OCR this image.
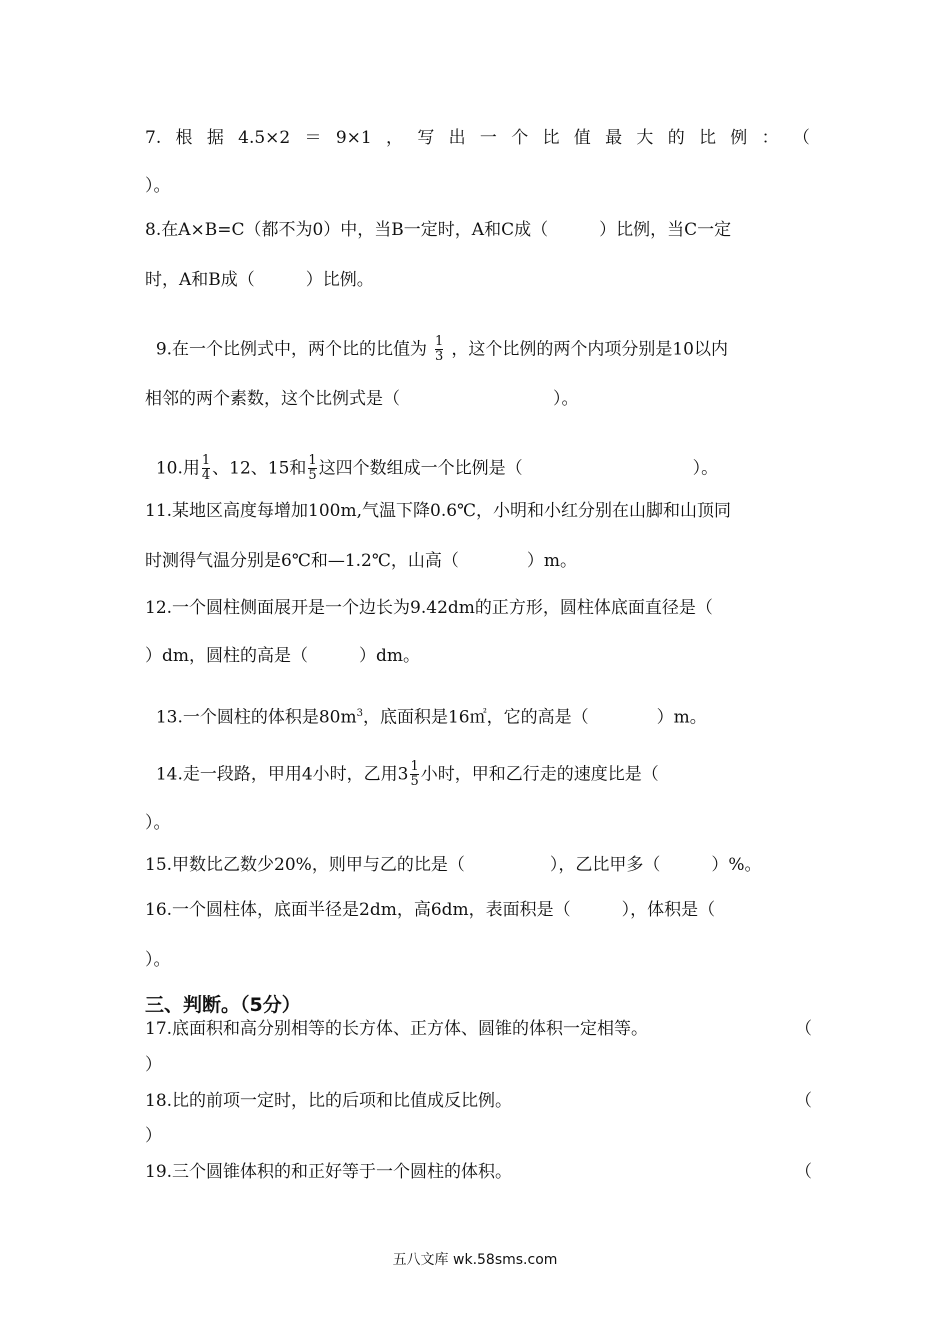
7. 根 据 4.5×2 ＝ 9×1 ， 写 出 一 个 比 值 最 大 的 比 例 ： （
）。
8.在A×B=C（都不为0）中，当B一定时，A和C成（　　　）比例，当C一定
时，A和B成（　　　）比例。

9.在一个比例式中，两个比的比值为 $\frac{1}{3}$ ，这个比例的两个内项分别是10以内

相邻的两个素数，这个比例式是（　　　　　　　　　）。

10.用 $\frac{1}{4}$ 、12、15和 $\frac{1}{5}$ 这四个数组成一个比例是（　　　　　　　　　　）。

11.某地区高度每增加100m,气温下降0.6℃，小明和小红分别在山脚和山顶同
时测得气温分别是6℃和—1.2℃，山高（　　　　）m。
12.一个圆柱侧面展开是一个边长为9.42dm的正方形，圆柱体底面直径是（
）dm，圆柱的高是（　　　）dm。

13.一个圆柱的体积是$80m^3$，底面积是16㎡，它的高是（　　　　）m。

14.走一段路，甲用4小时，乙用$3 \frac{1}{5}$ 小时，甲和乙行走的速度比是（

）。
15.甲数比乙数少20%，则甲与乙的比是（　　　　　），乙比甲多（　　　）%。
16.一个圆柱体，底面半径是2dm，高6dm，表面积是（　　　），体积是（
）。
三、判断。（5分）
17.底面积和高分别相等的长方体、正方体、圆锥的体积一定相等。	（
）
18.比的前项一定时，比的后项和比值成反比例。	（
）
19.三个圆锥体积的和正好等于一个圆柱的体积。	（
五八文库 wk.58sms.com
